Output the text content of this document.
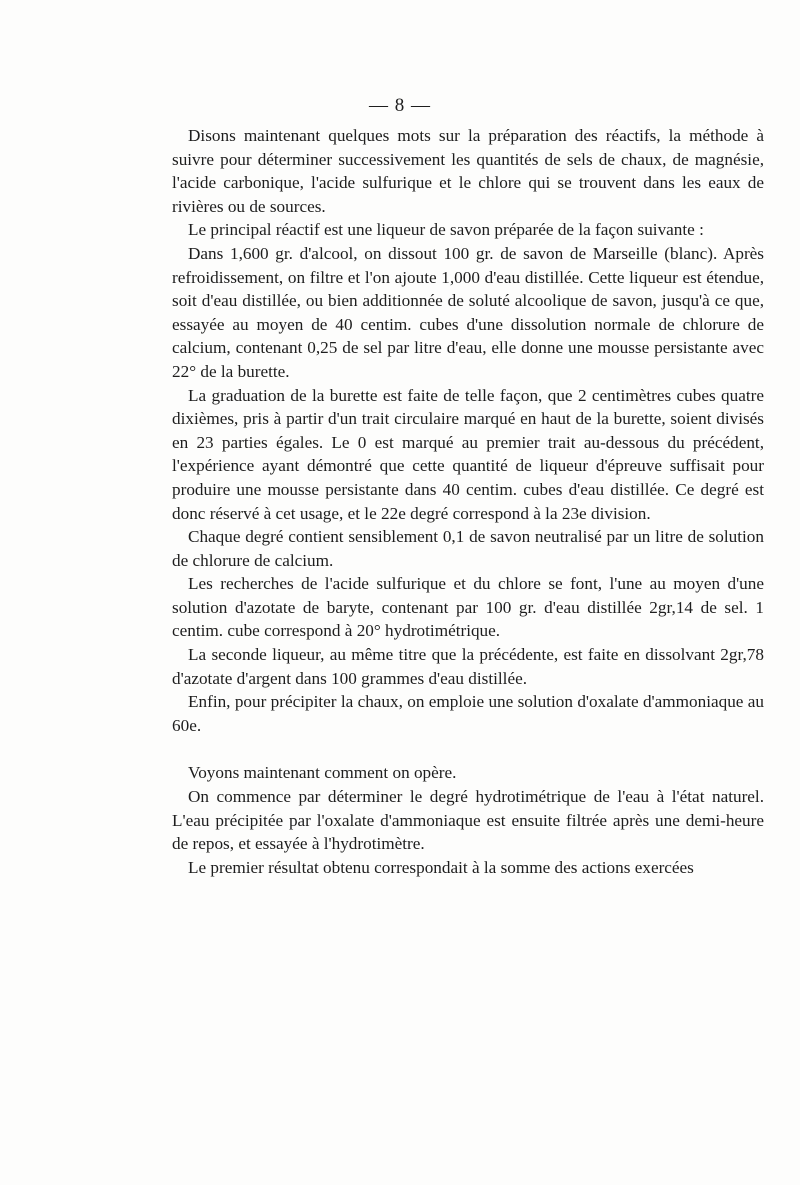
— 8 —

Disons maintenant quelques mots sur la préparation des réactifs, la méthode à suivre pour déterminer successivement les quantités de sels de chaux, de magnésie, l'acide carbonique, l'acide sulfurique et le chlore qui se trouvent dans les eaux de rivières ou de sources.

Le principal réactif est une liqueur de savon préparée de la façon suivante :

Dans 1,600 gr. d'alcool, on dissout 100 gr. de savon de Marseille (blanc). Après refroidissement, on filtre et l'on ajoute 1,000 d'eau distillée. Cette liqueur est étendue, soit d'eau distillée, ou bien additionnée de soluté alcoolique de savon, jusqu'à ce que, essayée au moyen de 40 centim. cubes d'une dissolution normale de chlorure de calcium, contenant 0,25 de sel par litre d'eau, elle donne une mousse persistante avec 22° de la burette.

La graduation de la burette est faite de telle façon, que 2 centimètres cubes quatre dixièmes, pris à partir d'un trait circulaire marqué en haut de la burette, soient divisés en 23 parties égales. Le 0 est marqué au premier trait au-dessous du précédent, l'expérience ayant démontré que cette quantité de liqueur d'épreuve suffisait pour produire une mousse persistante dans 40 centim. cubes d'eau distillée. Ce degré est donc réservé à cet usage, et le 22e degré correspond à la 23e division.

Chaque degré contient sensiblement 0,1 de savon neutralisé par un litre de solution de chlorure de calcium.

Les recherches de l'acide sulfurique et du chlore se font, l'une au moyen d'une solution d'azotate de baryte, contenant par 100 gr. d'eau distillée 2gr,14 de sel. 1 centim. cube correspond à 20° hydrotimétrique.

La seconde liqueur, au même titre que la précédente, est faite en dissolvant 2gr,78 d'azotate d'argent dans 100 grammes d'eau distillée.

Enfin, pour précipiter la chaux, on emploie une solution d'oxalate d'ammoniaque au 60e.

Voyons maintenant comment on opère.

On commence par déterminer le degré hydrotimétrique de l'eau à l'état naturel. L'eau précipitée par l'oxalate d'ammoniaque est ensuite filtrée après une demi-heure de repos, et essayée à l'hydrotimètre.

Le premier résultat obtenu correspondait à la somme des actions exercées
